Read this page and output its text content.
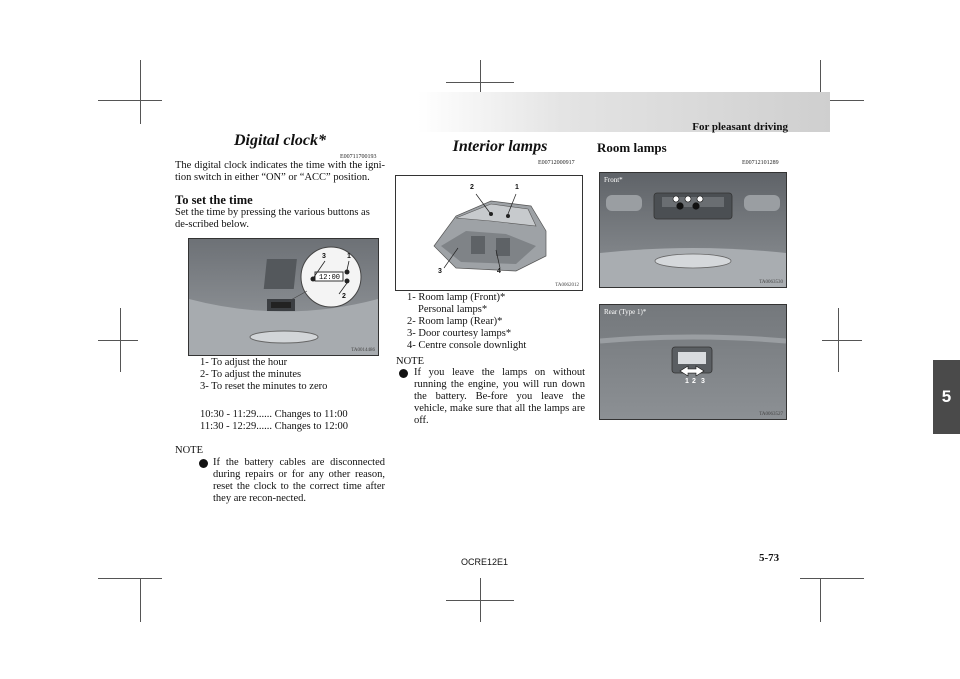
For pleasant driving
Digital clock*
E00711700193
The digital clock indicates the time with the igni-tion switch in either “ON” or “ACC” position.
To set the time
Set the time by pressing the various buttons as de-scribed below.
12:00
3	1
2
TA0014486
1- To adjust the hour
2- To adjust the minutes
3- To reset the minutes to zero
10:30 - 11:29...... Changes to 11:00
11:30 - 12:29...... Changes to 12:00
NOTE
If the battery cables are disconnected during repairs or for any other reason, reset the clock to the correct time after they are recon-nected.
Interior lamps
E00712000917
2	1
3	4
TA0062012
1- Room lamp (Front)*
Personal lamps*
2- Room lamp (Rear)*
3- Door courtesy lamps*
4- Centre console downlight
NOTE
If you leave the lamps on without running the engine, you will run down the battery. Be-fore you leave the vehicle, make sure that all the lamps are off.
Room lamps
E00712101289
Front*
TA0063530
Rear (Type 1)*
1 2 3
TA0063527
5
OCRE12E1	5-73
